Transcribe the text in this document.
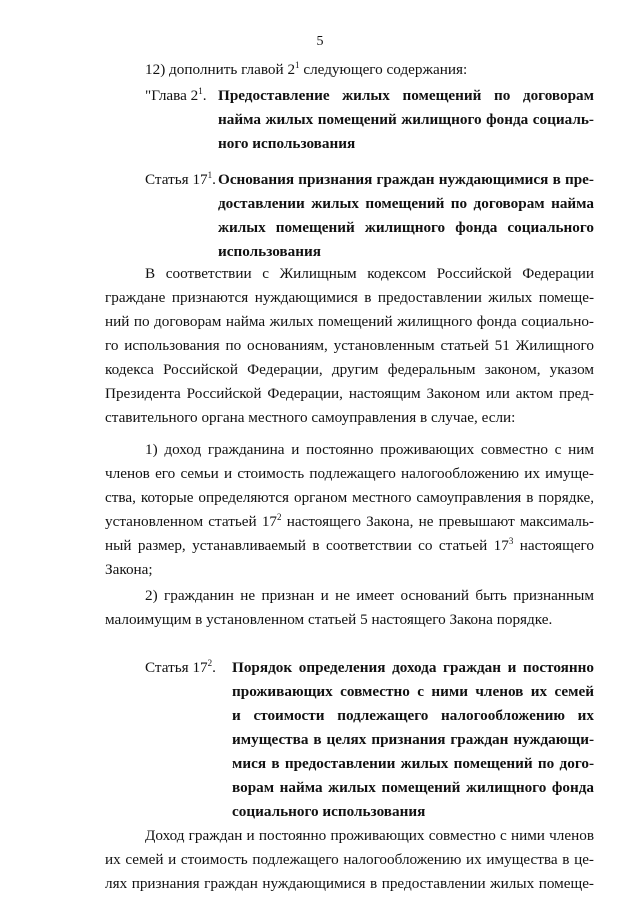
5
12) дополнить главой $2^1$ следующего содержания:
"Глава $2^1$. Предоставление жилых помещений по договорам
найма жилых помещений жилищного фонда социаль-
ного использования
Статья $17^1$. Основания признания граждан нуждающимися в пре-
доставлении жилых помещений по договорам найма
жилых помещений жилищного фонда социального
использования
В соответствии с Жилищным кодексом Российской Федерации
граждане признаются нуждающимися в предоставлении жилых помеще-
ний по договорам найма жилых помещений жилищного фонда социально-
го использования по основаниям, установленным статьей 51 Жилищного
кодекса Российской Федерации, другим федеральным законом, указом
Президента Российской Федерации, настоящим Законом или актом пред-
ставительного органа местного самоуправления в случае, если:
1) доход гражданина и постоянно проживающих совместно с ним
членов его семьи и стоимость подлежащего налогообложению их имуще-
ства, которые определяются органом местного самоуправления в порядке,
установленном статьей $17^2$ настоящего Закона, не превышают максималь-
ный размер, устанавливаемый в соответствии со статьей $17^3$ настоящего
Закона;
2) гражданин не признан и не имеет оснований быть признанным
малоимущим в установленном статьей 5 настоящего Закона порядке.
Статья $17^2$. Порядок определения дохода граждан и постоянно
проживающих совместно с ними членов их семей
и стоимости подлежащего налогообложению их
имущества в целях признания граждан нуждающи-
мися в предоставлении жилых помещений по дого-
ворам найма жилых помещений жилищного фонда
социального использования
Доход граждан и постоянно проживающих совместно с ними членов
их семей и стоимость подлежащего налогообложению их имущества в це-
лях признания граждан нуждающимися в предоставлении жилых помеще-
